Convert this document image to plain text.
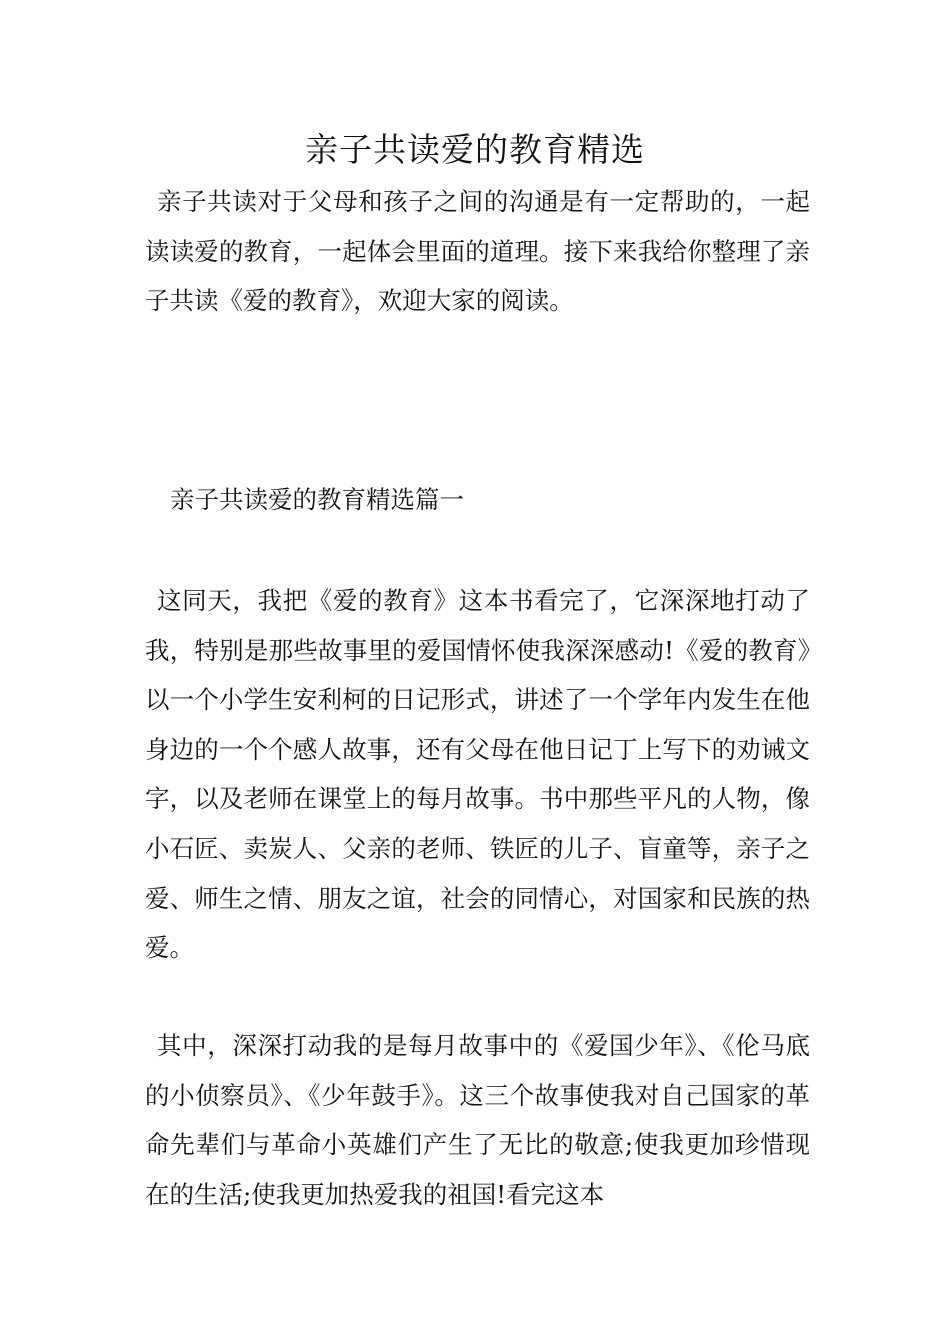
亲子共读爱的教育精选
亲子共读对于父母和孩子之间的沟通是有一定帮助的，一起读读爱的教育，一起体会里面的道理。接下来我给你整理了亲子共读《爱的教育》，欢迎大家的阅读。
亲子共读爱的教育精选篇一
这同天，我把《爱的教育》这本书看完了，它深深地打动了我，特别是那些故事里的爱国情怀使我深深感动!《爱的教育》以一个小学生安利柯的日记形式，讲述了一个学年内发生在他身边的一个个感人故事，还有父母在他日记丁上写下的劝诫文字，以及老师在课堂上的每月故事。书中那些平凡的人物，像小石匠、卖炭人、父亲的老师、铁匠的儿子、盲童等，亲子之爱、师生之情、朋友之谊，社会的同情心，对国家和民族的热爱。
其中，深深打动我的是每月故事中的《爱国少年》、《伦马底的小侦察员》、《少年鼓手》。这三个故事使我对自己国家的革命先辈们与革命小英雄们产生了无比的敬意;使我更加珍惜现在的生活;使我更加热爱我的祖国!看完这本
